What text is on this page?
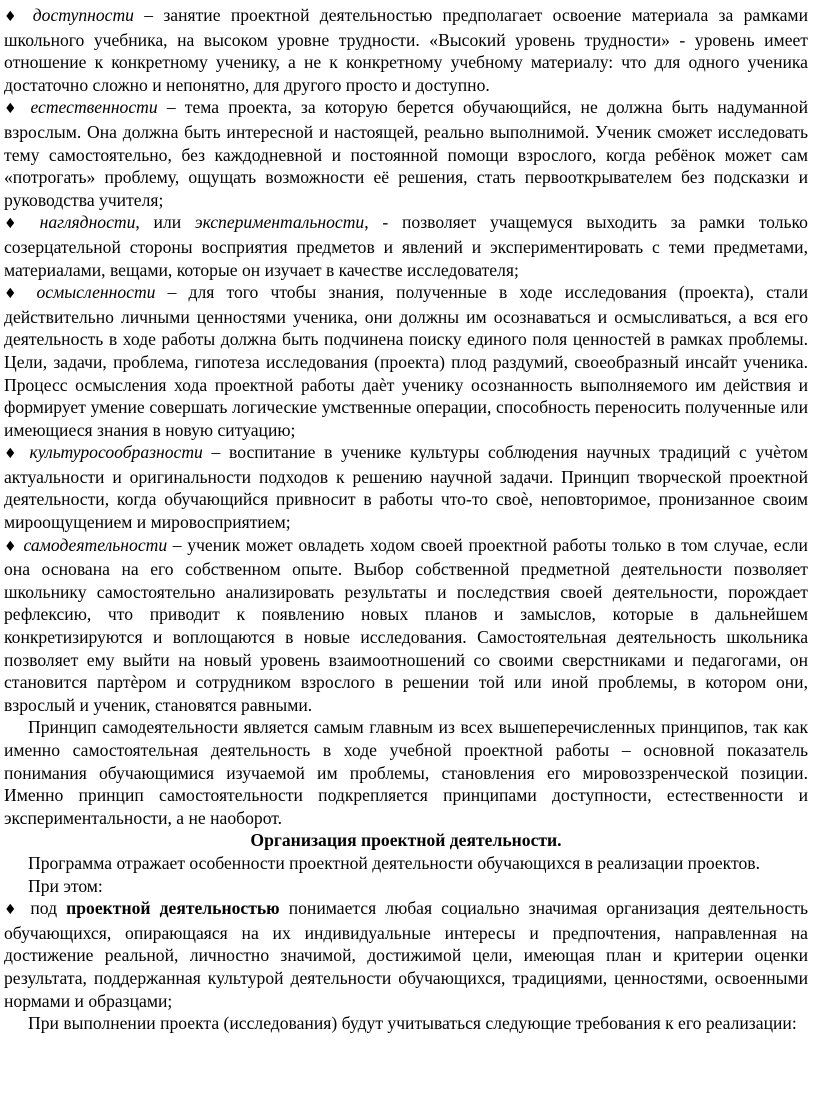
♦ доступности – занятие проектной деятельностью предполагает освоение материала за рамками школьного учебника, на высоком уровне трудности. «Высокий уровень трудности» - уровень имеет отношение к конкретному ученику, а не к конкретному учебному материалу: что для одного ученика достаточно сложно и непонятно, для другого просто и доступно.

♦ естественности – тема проекта, за которую берется обучающийся, не должна быть надуманной взрослым. Она должна быть интересной и настоящей, реально выполнимой. Ученик сможет исследовать тему самостоятельно, без каждодневной и постоянной помощи взрослого, когда ребёнок может сам «потрогать» проблему, ощущать возможности её решения, стать первооткрывателем без подсказки и руководства учителя;

♦ наглядности, или экспериментальности, - позволяет учащемуся выходить за рамки только созерцательной стороны восприятия предметов и явлений и экспериментировать с теми предметами, материалами, вещами, которые он изучает в качестве исследователя;

♦ осмысленности – для того чтобы знания, полученные в ходе исследования (проекта), стали действительно личными ценностями ученика, они должны им осознаваться и осмысливаться, а вся его деятельность в ходе работы должна быть подчинена поиску единого поля ценностей в рамках проблемы. Цели, задачи, проблема, гипотеза исследования (проекта) плод раздумий, своеобразный инсайт ученика. Процесс осмысления хода проектной работы даѐт ученику осознанность выполняемого им действия и формирует умение совершать логические умственные операции, способность переносить полученные или имеющиеся знания в новую ситуацию;

♦ культуросообразности – воспитание в ученике культуры соблюдения научных традиций с учѐтом актуальности и оригинальности подходов к решению научной задачи. Принцип творческой проектной деятельности, когда обучающийся привносит в работы что-то своѐ, неповторимое, пронизанное своим мироощущением и мировосприятием;

♦ самодеятельности – ученик может овладеть ходом своей проектной работы только в том случае, если она основана на его собственном опыте. Выбор собственной предметной деятельности позволяет школьнику самостоятельно анализировать результаты и последствия своей деятельности, порождает рефлексию, что приводит к появлению новых планов и замыслов, которые в дальнейшем конкретизируются и воплощаются в новые исследования. Самостоятельная деятельность школьника позволяет ему выйти на новый уровень взаимоотношений со своими сверстниками и педагогами, он становится партѐром и сотрудником взрослого в решении той или иной проблемы, в котором они, взрослый и ученик, становятся равными.

Принцип самодеятельности является самым главным из всех вышеперечисленных принципов, так как именно самостоятельная деятельность в ходе учебной проектной работы – основной показатель понимания обучающимися изучаемой им проблемы, становления его мировоззренческой позиции. Именно принцип самостоятельности подкрепляется принципами доступности, естественности и экспериментальности, а не наоборот.

Организация проектной деятельности.

Программа отражает особенности проектной деятельности обучающихся в реализации проектов.

При этом:

♦ под проектной деятельностью понимается любая социально значимая организация деятельность обучающихся, опирающаяся на их индивидуальные интересы и предпочтения, направленная на достижение реальной, личностно значимой, достижимой цели, имеющая план и критерии оценки результата, поддержанная культурой деятельности обучающихся, традициями, ценностями, освоенными нормами и образцами;

При выполнении проекта (исследования) будут учитываться следующие требования к его реализации:
